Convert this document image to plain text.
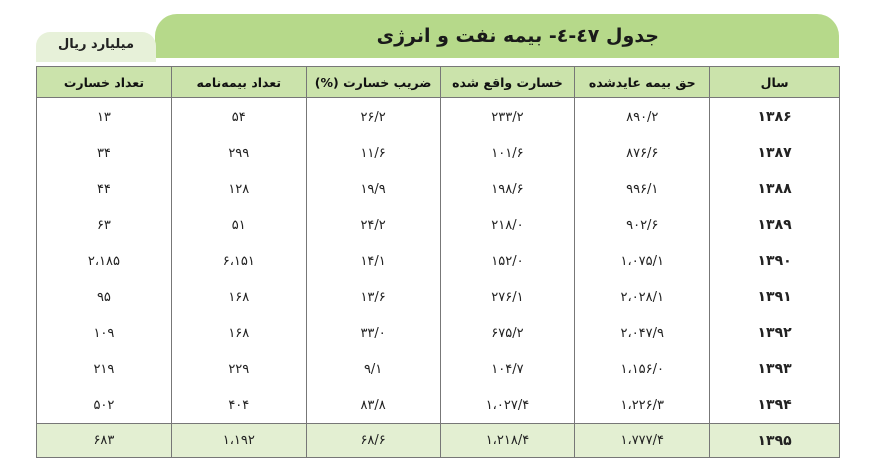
جدول ٤٧-٤- بیمه نفت و انرژی
میلیارد ریال
سال	حق بیمه عایدشده	خسارت واقع شده	ضریب خسارت (%)	تعداد بیمه‌نامه	تعداد خسارت
۱۳۸۶	۸۹۰/۲	۲۳۳/۲	۲۶/۲	۵۴	۱۳
۱۳۸۷	۸۷۶/۶	۱۰۱/۶	۱۱/۶	۲۹۹	۳۴
۱۳۸۸	۹۹۶/۱	۱۹۸/۶	۱۹/۹	۱۲۸	۴۴
۱۳۸۹	۹۰۲/۶	۲۱۸/۰	۲۴/۲	۵۱	۶۳
۱۳۹۰	۱،۰۷۵/۱	۱۵۲/۰	۱۴/۱	۶،۱۵۱	۲،۱۸۵
۱۳۹۱	۲،۰۲۸/۱	۲۷۶/۱	۱۳/۶	۱۶۸	۹۵
۱۳۹۲	۲،۰۴۷/۹	۶۷۵/۲	۳۳/۰	۱۶۸	۱۰۹
۱۳۹۳	۱،۱۵۶/۰	۱۰۴/۷	۹/۱	۲۲۹	۲۱۹
۱۳۹۴	۱،۲۲۶/۳	۱،۰۲۷/۴	۸۳/۸	۴۰۴	۵۰۲
۱۳۹۵	۱،۷۷۷/۴	۱،۲۱۸/۴	۶۸/۶	۱،۱۹۲	۶۸۳
